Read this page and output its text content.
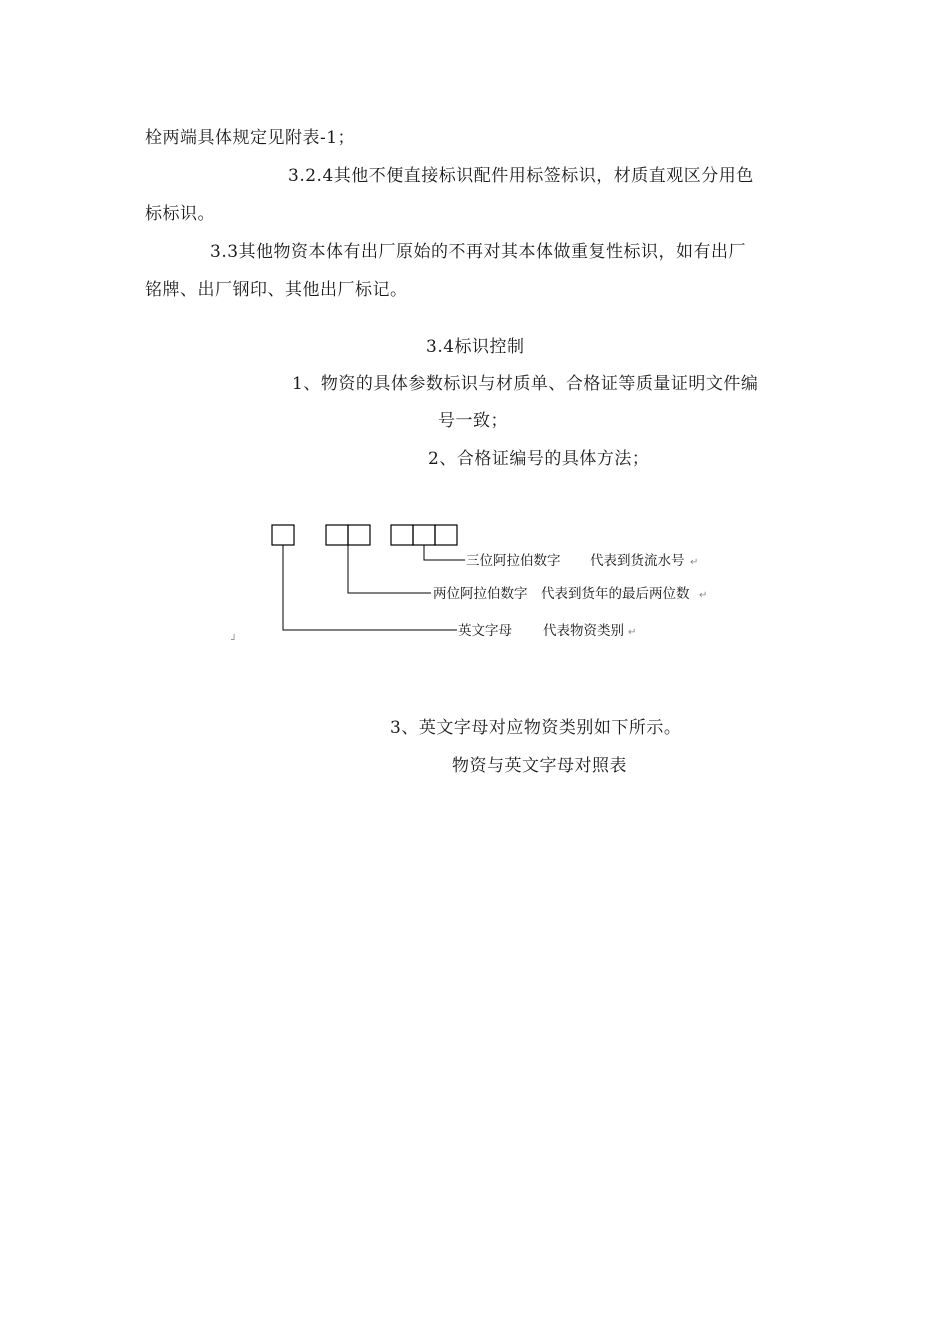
栓两端具体规定见附表-1；
3.2.4其他不便直接标识配件用标签标识，材质直观区分用色
标标识。
3.3其他物资本体有出厂原始的不再对其本体做重复性标识，如有出厂
铭牌、出厂钢印、其他出厂标记。
3.4标识控制
1、物资的具体参数标识与材质单、合格证等质量证明文件编
号一致；
2、合格证编号的具体方法；
三位阿拉伯数字 代表到货流水号 ↵
两位阿拉伯数字 代表到货年的最后两位数 ↵
英文字母 代表物资类别 ↵
┘
3、英文字母对应物资类别如下所示。
物资与英文字母对照表
